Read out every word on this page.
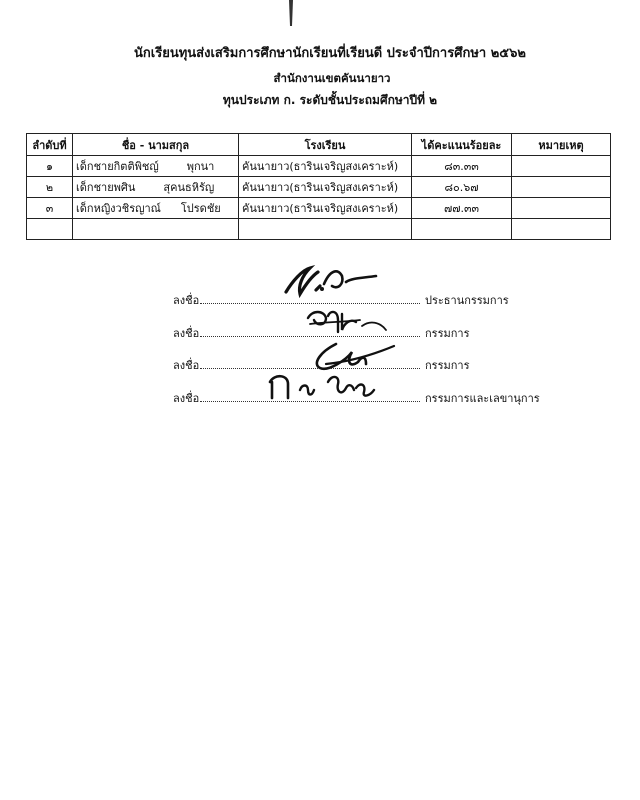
นักเรียนทุนส่งเสริมการศึกษานักเรียนที่เรียนดี ประจำปีการศึกษา ๒๕๖๒
สำนักงานเขตคันนายาว
ทุนประเภท ก. ระดับชั้นประถมศึกษาปีที่ ๒
ลำดับที่	ชื่อ - นามสกุล	โรงเรียน	ได้คะแนนร้อยละ	หมายเหตุ
๑	เด็กชายกิตติพิชญ์ พุกนา	คันนายาว(ธารินเจริญสงเคราะห์)	๘๓.๓๓	
๒	เด็กชายพศิน สุคนธหิรัญ	คันนายาว(ธารินเจริญสงเคราะห์)	๘๐.๖๗	
๓	เด็กหญิงวชิรญาณ์ โปรดชัย	คันนายาว(ธารินเจริญสงเคราะห์)	๗๗.๓๓	

ลงชื่อ	ประธานกรรมการ
ลงชื่อ	กรรมการ
ลงชื่อ	กรรมการ
ลงชื่อ	กรรมการและเลขานุการ
